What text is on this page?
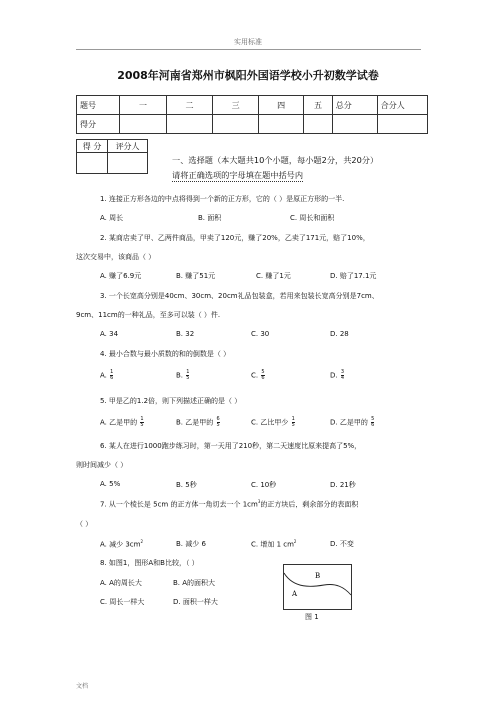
实用标准
2008年河南省郑州市枫阳外国语学校小升初数学试卷
题号	一	二	三	四	五	总分	合分人
得分							
得 分	评分人

一、选择题（本大题共10个小题，每小题2分，共20分）
请将正确选项的字母填在题中括号内
1. 连接正方形各边的中点将得到一个新的正方形，它的（ ）是原正方形的一半.
A. 周长	B. 面积	C. 周长和面积
2. 某商店卖了甲、乙两件商品，甲卖了120元，赚了20%，乙卖了171元，赔了10%，
这次交易中，该商品（ ）
A. 赚了6.9元	B. 赚了51元	C. 赚了1元	D. 赔了17.1元
3. 一个长宽高分别是40cm、30cm、20cm礼品包装盒，若用来包装长宽高分别是7cm、
9cm、11cm的一种礼品，至多可以装（ ）件.
A. 34	B. 32	C. 30	D. 28
4. 最小合数与最小质数的和的倒数是（ ）
A. $\frac{1}{6}$	B. $\frac{1}{5}$	C. $\frac{5}{6}$	D. $\frac{3}{4}$
5. 甲是乙的1.2倍，则下列描述正确的是（ ）
A. 乙是甲的 $\frac{1}{5}$	B. 乙是甲的 $\frac{6}{5}$	C. 乙比甲少 $\frac{1}{5}$	D. 乙是甲的 $\frac{5}{6}$
6. 某人在进行1000跑步练习时，第一天用了210秒，第二天速度比原来提高了5%，
则时间减少（ ）
A. 5%	B. 5秒	C. 10秒	D. 21秒
7. 从一个棱长是 5cm 的正方体一角切去一个 $1cm^3$的正方块后，剩余部分的表面积
（ ）
A. 减少 $3cm^2$	B. 减少 6	C. 增加 1 $cm^2$	D. 不变
8. 如图1，图形A和B比较，（ ）
A. A的周长大	B. A的面积大
C. 周长一样大	D. 面积一样大
B
A
图 1
文档
